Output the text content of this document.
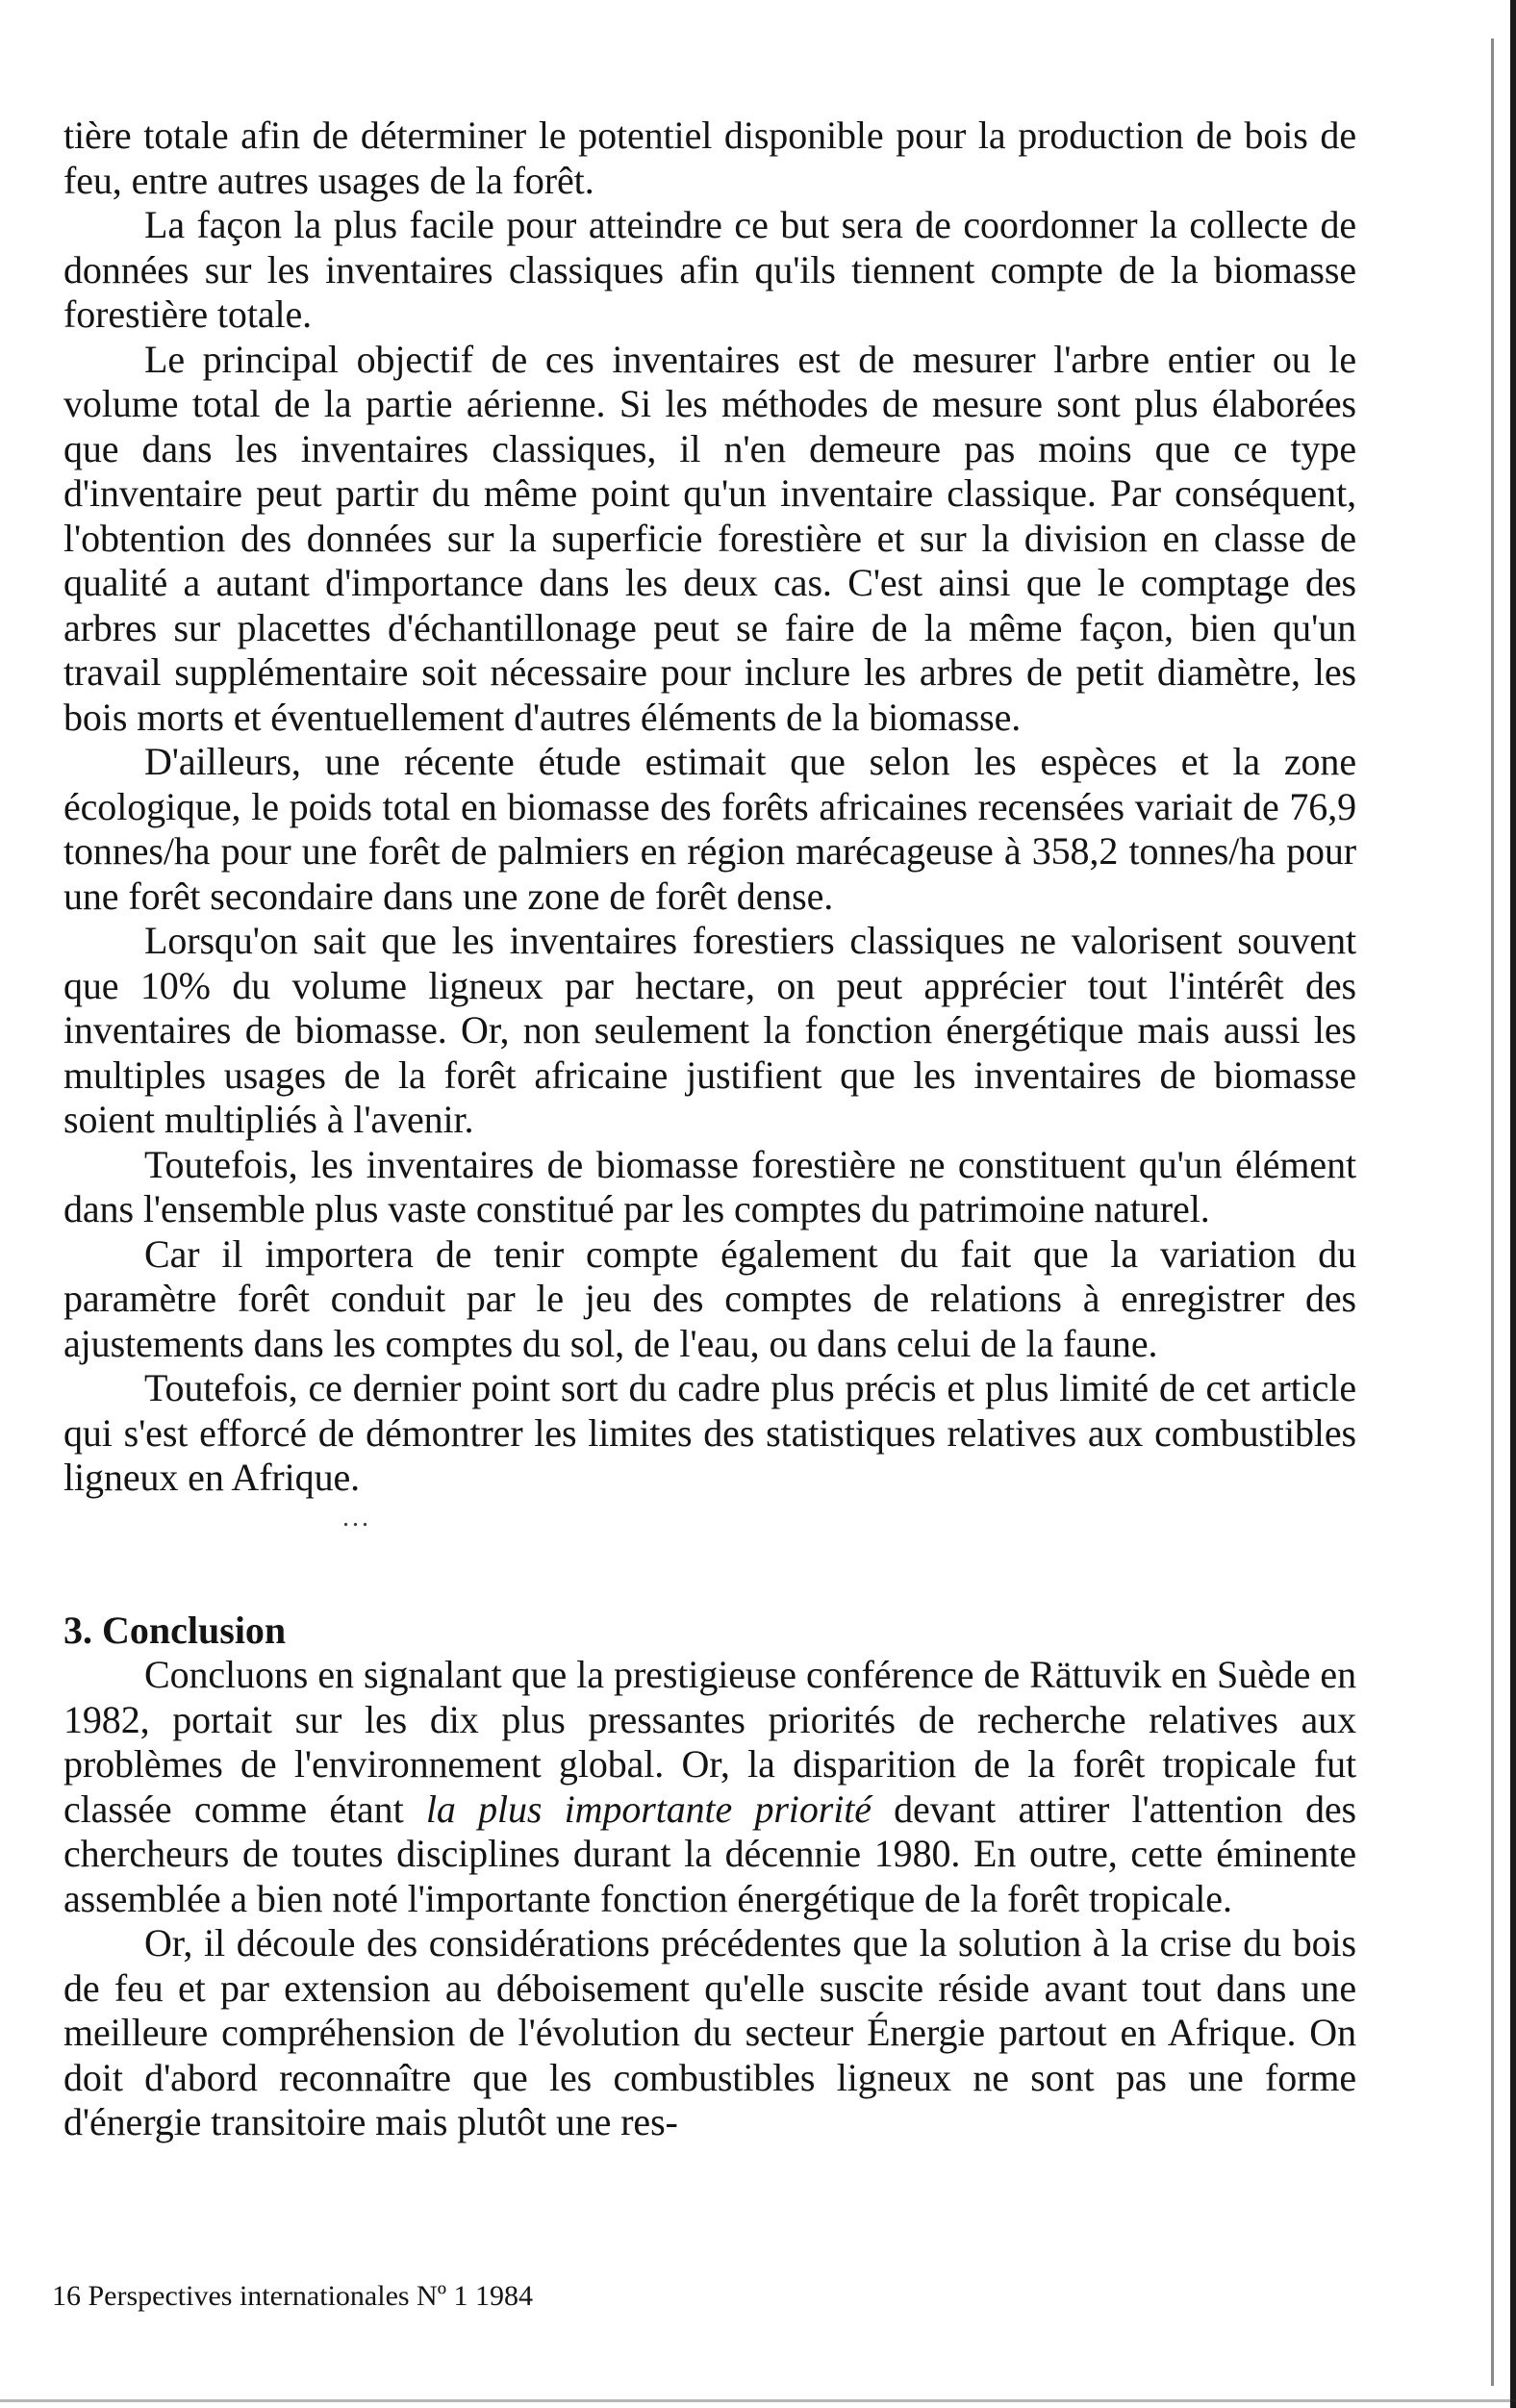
tière totale afin de déterminer le potentiel disponible pour la production de bois de feu, entre autres usages de la forêt.

La façon la plus facile pour atteindre ce but sera de coordonner la collecte de données sur les inventaires classiques afin qu'ils tiennent compte de la biomasse forestière totale.

Le principal objectif de ces inventaires est de mesurer l'arbre entier ou le volume total de la partie aérienne. Si les méthodes de mesure sont plus élaborées que dans les inventaires classiques, il n'en demeure pas moins que ce type d'inventaire peut partir du même point qu'un inventaire classique. Par conséquent, l'obtention des données sur la superficie forestière et sur la division en classe de qualité a autant d'importance dans les deux cas. C'est ainsi que le comptage des arbres sur placettes d'échantillonage peut se faire de la même façon, bien qu'un travail supplémentaire soit nécessaire pour inclure les arbres de petit diamètre, les bois morts et éventuellement d'autres éléments de la biomasse.

D'ailleurs, une récente étude estimait que selon les espèces et la zone écologique, le poids total en biomasse des forêts africaines recensées variait de 76,9 tonnes/ha pour une forêt de palmiers en région marécageuse à 358,2 tonnes/ha pour une forêt secondaire dans une zone de forêt dense.

Lorsqu'on sait que les inventaires forestiers classiques ne valorisent souvent que 10% du volume ligneux par hectare, on peut apprécier tout l'intérêt des inventaires de biomasse. Or, non seulement la fonction énergétique mais aussi les multiples usages de la forêt africaine justifient que les inventaires de biomasse soient multipliés à l'avenir.

Toutefois, les inventaires de biomasse forestière ne constituent qu'un élément dans l'ensemble plus vaste constitué par les comptes du patrimoine naturel.

Car il importera de tenir compte également du fait que la variation du paramètre forêt conduit par le jeu des comptes de relations à enregistrer des ajustements dans les comptes du sol, de l'eau, ou dans celui de la faune.

Toutefois, ce dernier point sort du cadre plus précis et plus limité de cet article qui s'est efforcé de démontrer les limites des statistiques relatives aux combustibles ligneux en Afrique.

...
3. Conclusion

Concluons en signalant que la prestigieuse conférence de Rättuvik en Suède en 1982, portait sur les dix plus pressantes priorités de recherche relatives aux problèmes de l'environnement global. Or, la disparition de la forêt tropicale fut classée comme étant la plus importante priorité devant attirer l'attention des chercheurs de toutes disciplines durant la décennie 1980. En outre, cette éminente assemblée a bien noté l'importante fonction énergétique de la forêt tropicale.

Or, il découle des considérations précédentes que la solution à la crise du bois de feu et par extension au déboisement qu'elle suscite réside avant tout dans une meilleure compréhension de l'évolution du secteur Énergie partout en Afrique. On doit d'abord reconnaître que les combustibles ligneux ne sont pas une forme d'énergie transitoire mais plutôt une res-

16 Perspectives internationales Nº 1 1984
